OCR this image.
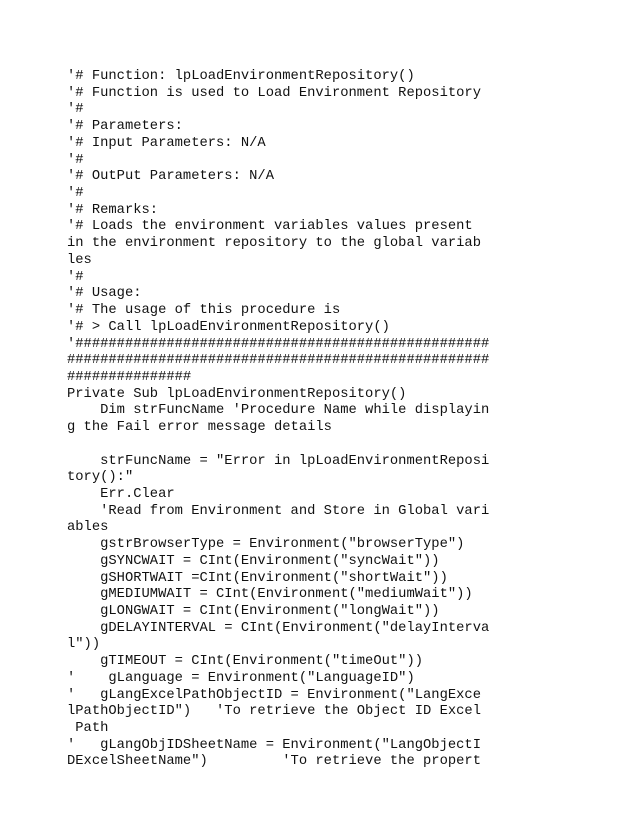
'# Function: lpLoadEnvironmentRepository()
'# Function is used to Load Environment Repository
'#
'# Parameters:
'# Input Parameters: N/A
'#
'# OutPut Parameters: N/A
'#
'# Remarks:
'# Loads the environment variables values present
in the environment repository to the global variab
les
'#
'# Usage:
'# The usage of this procedure is
'# > Call lpLoadEnvironmentRepository()
'##################################################
###################################################
###############
Private Sub lpLoadEnvironmentRepository()
Dim strFuncName 'Procedure Name while displayin
g the Fail error message details
strFuncName = "Error in lpLoadEnvironmentReposi
tory():"
Err.Clear
'Read from Environment and Store in Global vari
ables
gstrBrowserType = Environment("browserType")
gSYNCWAIT = CInt(Environment("syncWait"))
gSHORTWAIT =CInt(Environment("shortWait"))
gMEDIUMWAIT = CInt(Environment("mediumWait"))
gLONGWAIT = CInt(Environment("longWait"))
gDELAYINTERVAL = CInt(Environment("delayInterva
l"))
gTIMEOUT = CInt(Environment("timeOut"))
'    gLanguage = Environment("LanguageID")
'   gLangExcelPathObjectID = Environment("LangExce
lPathObjectID")   'To retrieve the Object ID Excel
Path
'   gLangObjIDSheetName = Environment("LangObjectI
DExcelSheetName")         'To retrieve the propert
